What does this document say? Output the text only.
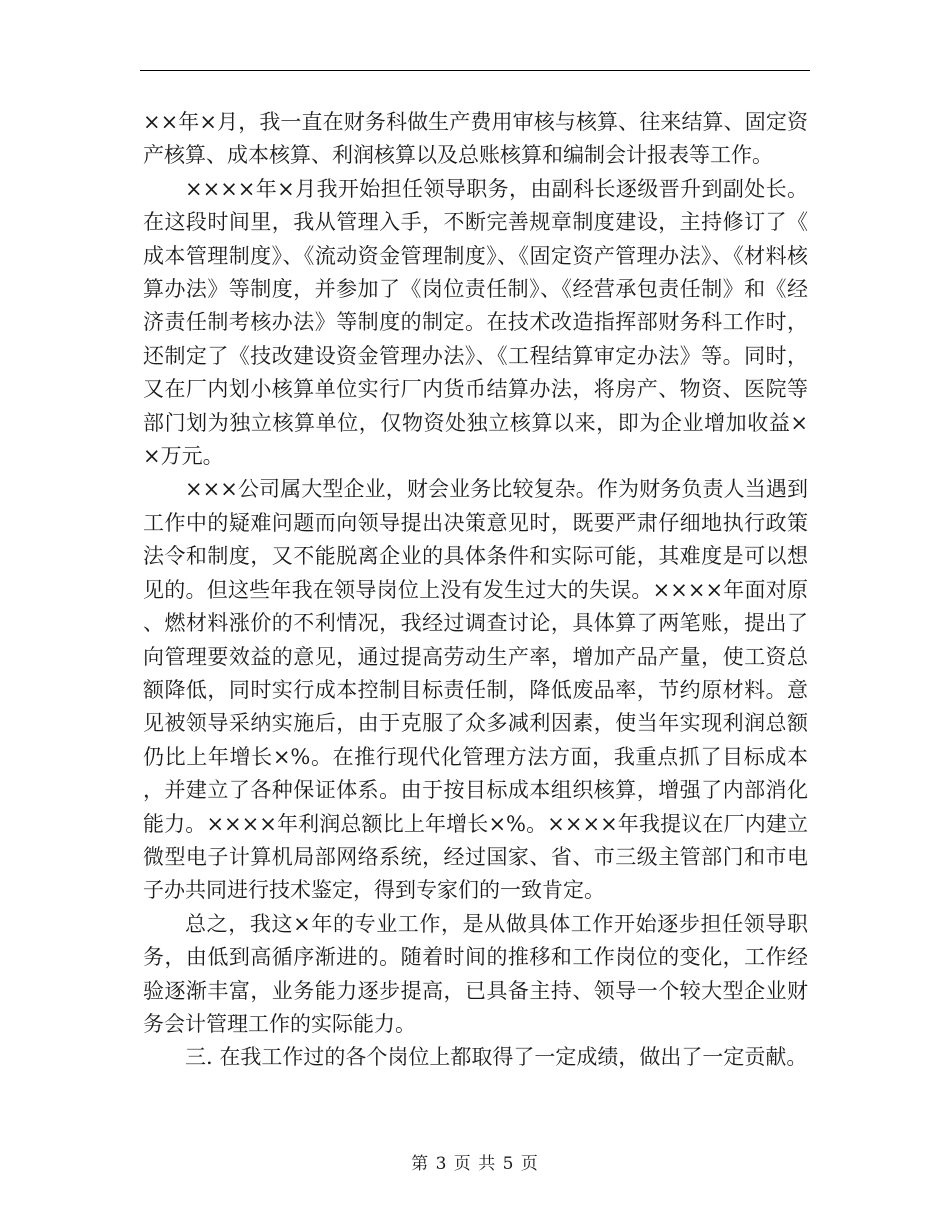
××年×月，我一直在财务科做生产费用审核与核算、往来结算、固定资产核算、成本核算、利润核算以及总账核算和编制会计报表等工作。

××××年×月我开始担任领导职务，由副科长逐级晋升到副处长。在这段时间里，我从管理入手，不断完善规章制度建设，主持修订了《成本管理制度》、《流动资金管理制度》、《固定资产管理办法》、《材料核算办法》等制度，并参加了《岗位责任制》、《经营承包责任制》和《经济责任制考核办法》等制度的制定。在技术改造指挥部财务科工作时，还制定了《技改建设资金管理办法》、《工程结算审定办法》等。同时，又在厂内划小核算单位实行厂内货币结算办法，将房产、物资、医院等部门划为独立核算单位，仅物资处独立核算以来，即为企业增加收益××万元。

×××公司属大型企业，财会业务比较复杂。作为财务负责人当遇到工作中的疑难问题而向领导提出决策意见时，既要严肃仔细地执行政策法令和制度，又不能脱离企业的具体条件和实际可能，其难度是可以想见的。但这些年我在领导岗位上没有发生过大的失误。××××年面对原、燃材料涨价的不利情况，我经过调查讨论，具体算了两笔账，提出了向管理要效益的意见，通过提高劳动生产率，增加产品产量，使工资总额降低，同时实行成本控制目标责任制，降低废品率，节约原材料。意见被领导采纳实施后，由于克服了众多减利因素，使当年实现利润总额仍比上年增长×%。在推行现代化管理方法方面，我重点抓了目标成本，并建立了各种保证体系。由于按目标成本组织核算，增强了内部消化能力。××××年利润总额比上年增长×%。××××年我提议在厂内建立微型电子计算机局部网络系统，经过国家、省、市三级主管部门和市电子办共同进行技术鉴定，得到专家们的一致肯定。

总之，我这×年的专业工作，是从做具体工作开始逐步担任领导职务，由低到高循序渐进的。随着时间的推移和工作岗位的变化，工作经验逐渐丰富，业务能力逐步提高，已具备主持、领导一个较大型企业财务会计管理工作的实际能力。

三. 在我工作过的各个岗位上都取得了一定成绩，做出了一定贡献。

第 3 页 共 5 页
